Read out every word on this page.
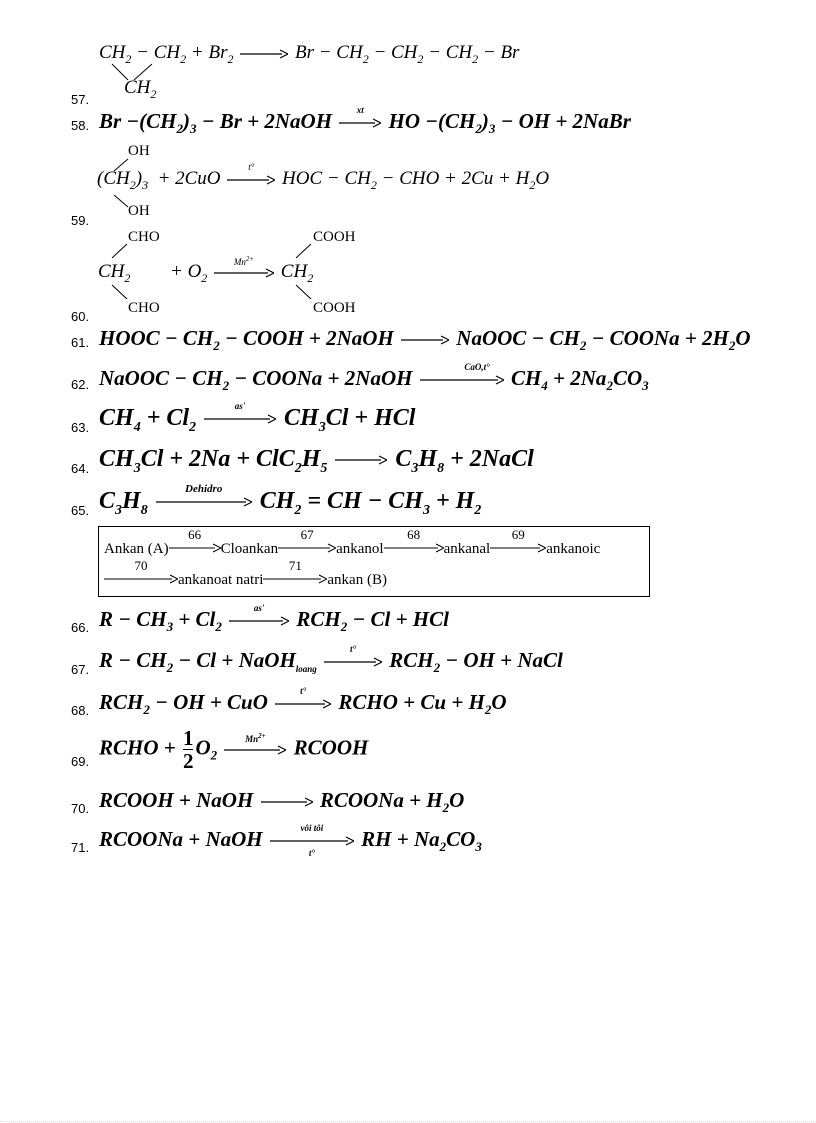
$CH_2 - CH_2 + Br_2 \to Br - CH_2 - CH_2 - CH_2 - Br$
$CH_2$
57.
58. $Br -(CH_2)_3 - Br$ + 2NaOH	xt	HO $-(CH_2)_3$ − OH + 2NaBr
OH
$(CH_2)_3 + 2CuO$
t°
HOC − $CH_2$ − CHO + $2Cu + H_2O$
OH
59.
CHO
$CH_2 + O_2$
$Mn^{2+}$
$CH_2$
COOH
CHO	COOH
60.
61. HOOC − $CH_2$ − COOH + 2NaOH → NaOOC − $CH_2$ − COONa + $2H_2O$
62. NaOOC − $CH_2$ − COONa + 2NaOH	CaO,t°	$CH_4 + 2Na_2CO_3$
63. $CH_4 + Cl_2$
as'	$CH_3Cl$ + HCl
64. $CH_3Cl + 2Na + ClC_2H_5 \to C_3H_8$ + 2NaCl
65. $C_3H_8$
Dehidro	$CH_2$ = CH − $CH_3 + H_2$
Ankan (A)
66
Cloankan
67
ankanol
68
ankanal
69
ankanoic
70
ankanoat natri
71
ankan (B)
66. $R - CH_3 + Cl_2$
as'	$RCH_2 - Cl$ + HCl
67. $R - CH_2 - Cl$ + NaOH$_{loang}$
t°	$RCH_2$ − OH + NaCl
68. $RCH_2$ − OH + CuO	t°	RCHO + $Cu + H_2O$
69.
RCHO + $\frac{1}{2} O_2$
$Mn^{2+}$	RCOOH
70. RCOOH + NaOH → RCOONa + $H_2O$
71. RCOONa + NaOH	vôi tôi
t°
RH + $Na_2CO_3$
